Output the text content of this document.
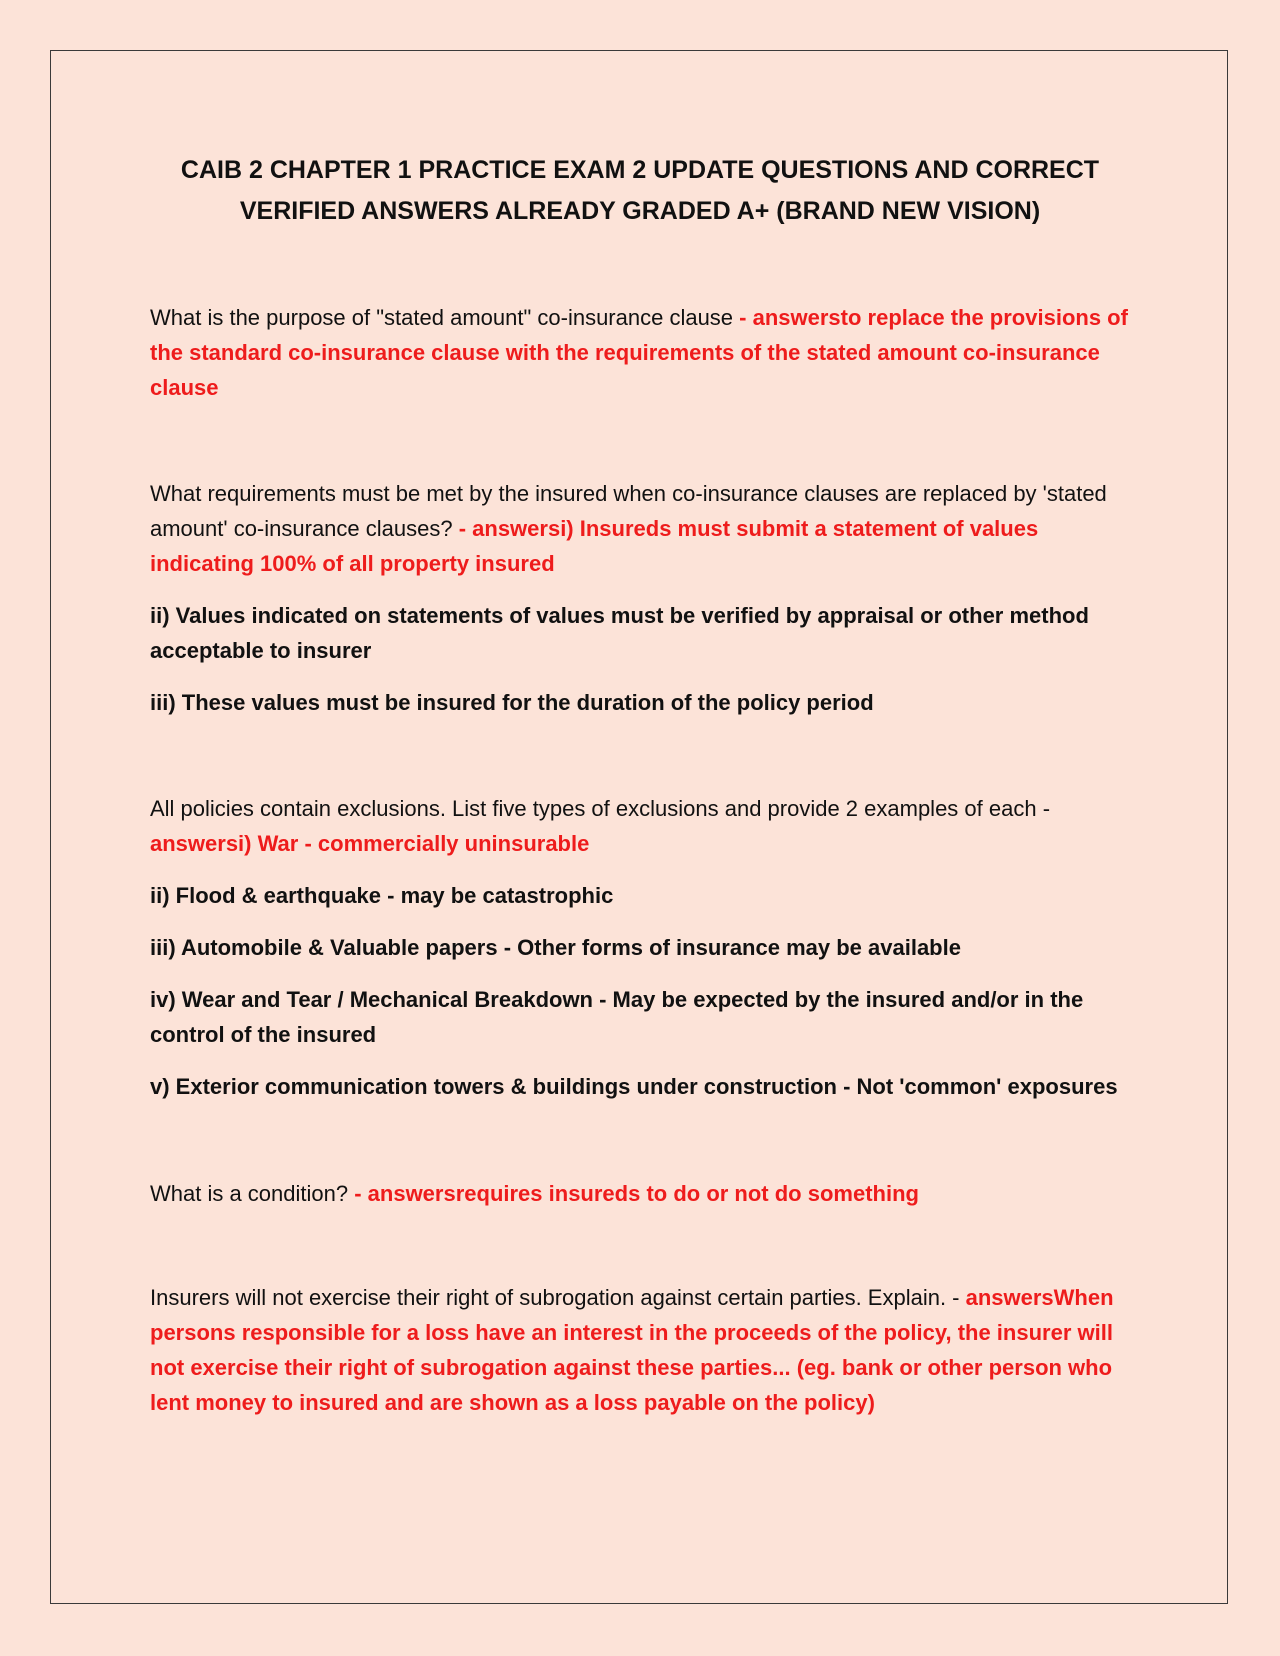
CAIB 2 CHAPTER 1 PRACTICE EXAM 2 UPDATE QUESTIONS AND CORRECT
VERIFIED ANSWERS ALREADY GRADED A+ (BRAND NEW VISION)

What is the purpose of "stated amount" co-insurance clause - answersto replace the provisions of the standard co-insurance clause with the requirements of the stated amount co-insurance clause

What requirements must be met by the insured when co-insurance clauses are replaced by 'stated amount' co-insurance clauses? - answersi) Insureds must submit a statement of values indicating 100% of all property insured

ii) Values indicated on statements of values must be verified by appraisal or other method acceptable to insurer

iii) These values must be insured for the duration of the policy period

All policies contain exclusions. List five types of exclusions and provide 2 examples of each - answersi) War - commercially uninsurable

ii) Flood & earthquake - may be catastrophic

iii) Automobile & Valuable papers - Other forms of insurance may be available

iv) Wear and Tear / Mechanical Breakdown - May be expected by the insured and/or in the control of the insured

v) Exterior communication towers & buildings under construction - Not 'common' exposures

What is a condition? - answersrequires insureds to do or not do something

Insurers will not exercise their right of subrogation against certain parties. Explain. - answersWhen persons responsible for a loss have an interest in the proceeds of the policy, the insurer will not exercise their right of subrogation against these parties... (eg. bank or other person who lent money to insured and are shown as a loss payable on the policy)
